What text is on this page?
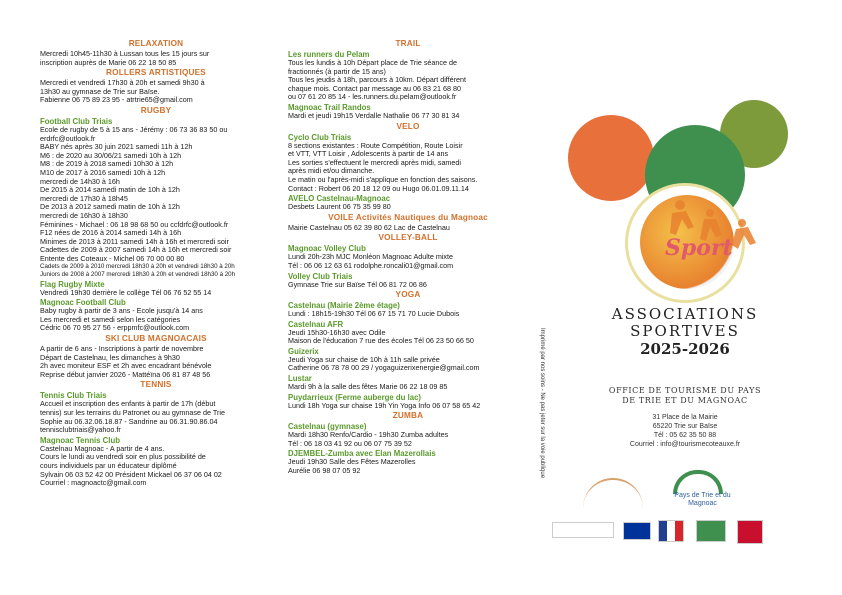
RELAXATION
Mercredi 10h45-11h30 à Lussan tous les 15 jours sur
inscription auprès de Marie 06 22 18 50 85
ROLLERS ARTISTIQUES
Mercredi et vendredi 17h30 à 20h et samedi 9h30 à
13h30 au gymnase de Trie sur Baïse.
Fabienne 06 75 89 23 95 - atrtrie65@gmail.com
RUGBY
Football Club Triais
Ecole de rugby de 5 à 15 ans - Jérémy : 06 73 36 83 50 ou
erdrfc@outlook.fr
BABY nés après 30 juin 2021 samedi 11h à 12h
M6 : de 2020 au 30/06/21 samedi 10h à 12h
M8 : de 2019 à 2018 samedi 10h30 à 12h
M10 de 2017 à 2016 samedi 10h à 12h
mercredi de 14h30 à 16h
De 2015 à 2014 samedi matin de 10h à 12h
mercredi de 17h30 à 18h45
De 2013 à 2012 samedi matin de 10h à 12h
mercredi de 16h30 à 18h30
Féminines - Michael : 06 18 98 68 50 ou ccfdrfc@outlook.fr
F12 nées de 2016 à 2014 samedi 14h à 16h
Minimes de 2013 à 2011 samedi 14h à 16h et mercredi soir
Cadettes de 2009 à 2007 samedi 14h à 16h et mercredi soir
Entente des Coteaux - Michel 06 70 00 00 80
Cadets de 2009 à 2010 mercredi 18h30 à 20h et vendredi 18h30 à 20h
Juniors de 2008 à 2007 mercredi 18h30 à 20h et vendredi 18h30 à 20h
Flag Rugby Mixte
Vendredi 19h30 derrière le collège Tél 06 76 52 55 14
Magnoac Football Club
Baby rugby à partir de 3 ans - Ecole jusqu'à 14 ans
Les mercredi et samedi selon les catégories
Cédric 06 70 95 27 56 - erppmfc@outlook.com
SKI CLUB MAGNOACAIS
A partir de 6 ans - Inscriptions à partir de novembre
Départ de Castelnau, les dimanches à 9h30
2h avec moniteur ESF et 2h avec encadrant bénévole
Reprise début janvier 2026 - Mattéïna 06 81 87 48 56
TENNIS
Tennis Club Triais
Accueil et inscription des enfants à partir de 17h (début
tennis) sur les terrains du Patronet ou au gymnase de Trie
Sophie au 06.32.06.18.87 - Sandrine au 06.31.90.86.04
tennisclubtriais@yahoo.fr
Magnoac Tennis Club
Castelnau Magnoac - A partir de 4 ans.
Cours le lundi au vendredi soir en plus possibilité de
cours individuels par un éducateur diplômé
Sylvain 06 03 52 42 00 Président Mickael 06 37 06 04 02
Courriel : magnoactc@gmail.com
TRAIL
Les runners du Pelam
Tous les lundis à 10h Départ place de Trie séance de
fractionnés (à partir de 15 ans)
Tous les jeudis à 18h, parcours à 10km. Départ différent
chaque mois. Contact par message au 06 83 21 68 80
ou 07 61 20 85 14 - les.runners.du.pelam@outlook.fr
Magnoac Trail Randos
Mardi et jeudi 19h15 Verdalle Nathalie 06 77 30 81 34
VELO
Cyclo Club Triais
8 sections existantes : Route Compétition, Route Loisir
et VTT, VTT Loisir , Adolescents à partir de 14 ans
Les sorties s'effectuent le mercredi après midi, samedi
après midi et/ou dimanche.
Le matin ou l'après-midi s'applique en fonction des saisons.
Contact : Robert 06 20 18 12 09 ou Hugo 06.01.09.11.14
AVELO Castelnau-Magnoac
Desbets Laurent 06 75 35 99 80
VOILE Activités Nautiques du Magnoac
Mairie Castelnau 05 62 39 80 62 Lac de Castelnau
VOLLEY-BALL
Magnoac Volley Club
Lundi 20h-23h MJC Monléon Magnoac Adulte mixte
Tél : 06 06 12 63 61 rodolphe.roncali01@gmail.com
Volley Club Triais
Gymnase Trie sur Baïse Tél 06 81 72 06 86
YOGA
Castelnau (Mairie 2ème étage)
Lundi : 18h15-19h30 Tél 06 67 15 71 70 Lucie Dubois
Castelnau AFR
Jeudi 15h30-16h30 avec Odile
Maison de l'éducation 7 rue des écoles Tél 06 23 50 66 50
Guizerix
Jeudi Yoga sur chaise de 10h à 11h salle privée
Catherine 06 78 78 00 29 / yogaguizerixenergie@gmail.com
Lustar
Mardi 9h à la salle des fêtes Marie 06 22 18 09 85
Puydarrieux (Ferme auberge du lac)
Lundi 18h Yoga sur chaise 19h Yin Yoga Info 06 07 58 65 42
ZUMBA
Castelnau (gymnase)
Mardi 18h30 Renfo/Cardio - 19h30 Zumba adultes
Tél : 06 18 03 41 92 ou 06 07 75 39 52
DJEMBEL-Zumba avec Elan Mazerollais
Jeudi 19h30 Salle des Fêtes Mazerolles
Aurélie 06 98 07 05 92	Imprimé par nos soins - Ne pas jeter sur la voie publique
Sport
ASSOCIATIONS
SPORTIVES
2025-2026
OFFICE DE TOURISME DU PAYS
DE TRIE ET DU MAGNOAC
31 Place de la Mairie
65220 Trie sur Baïse
Tél : 05 62 35 50 88
Courriel : info@tourismecoteauxe.fr
Pays de Trie et du Magnoac
